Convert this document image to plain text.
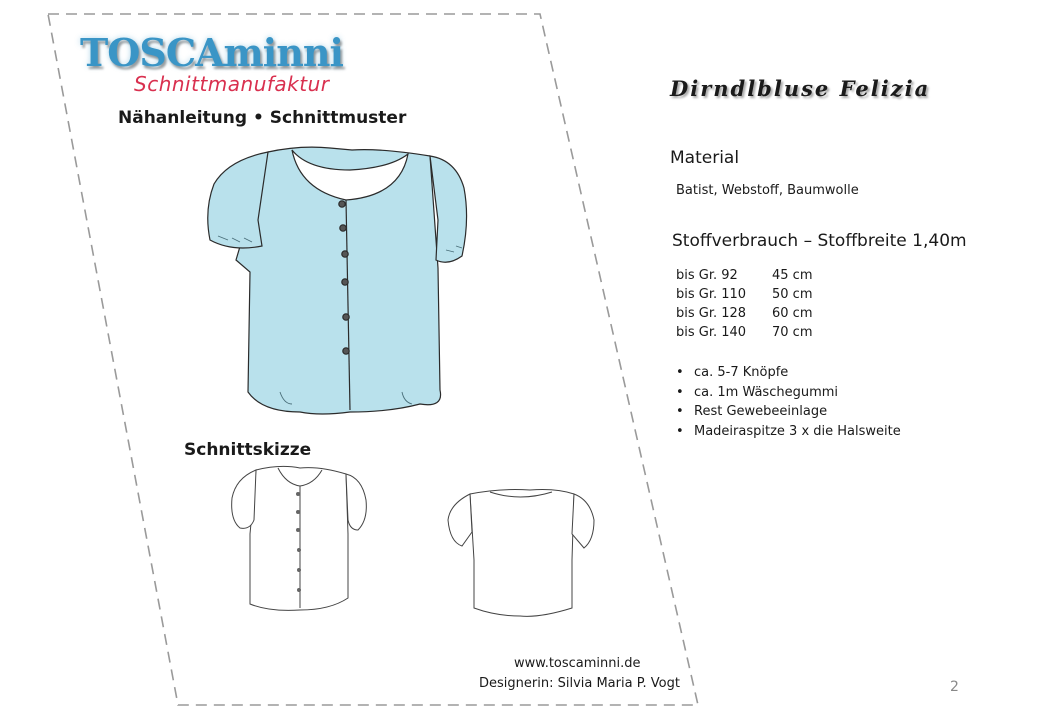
TOSCAminni
Schnittmanufaktur
Nähanleitung • Schnittmuster
Schnittskizze
www.toscaminni.de
Designerin: Silvia Maria P. Vogt
Dirndlbluse Felizia
Material
Batist, Webstoff, Baumwolle
Stoffverbrauch – Stoffbreite 1,40m
bis Gr. 92	45 cm
bis Gr. 110	50 cm
bis Gr. 128	60 cm
bis Gr. 140	70 cm
• ca. 5-7 Knöpfe
• ca. 1m Wäschegummi
• Rest Gewebeeinlage
• Madeiraspitze 3 x die Halsweite
2
